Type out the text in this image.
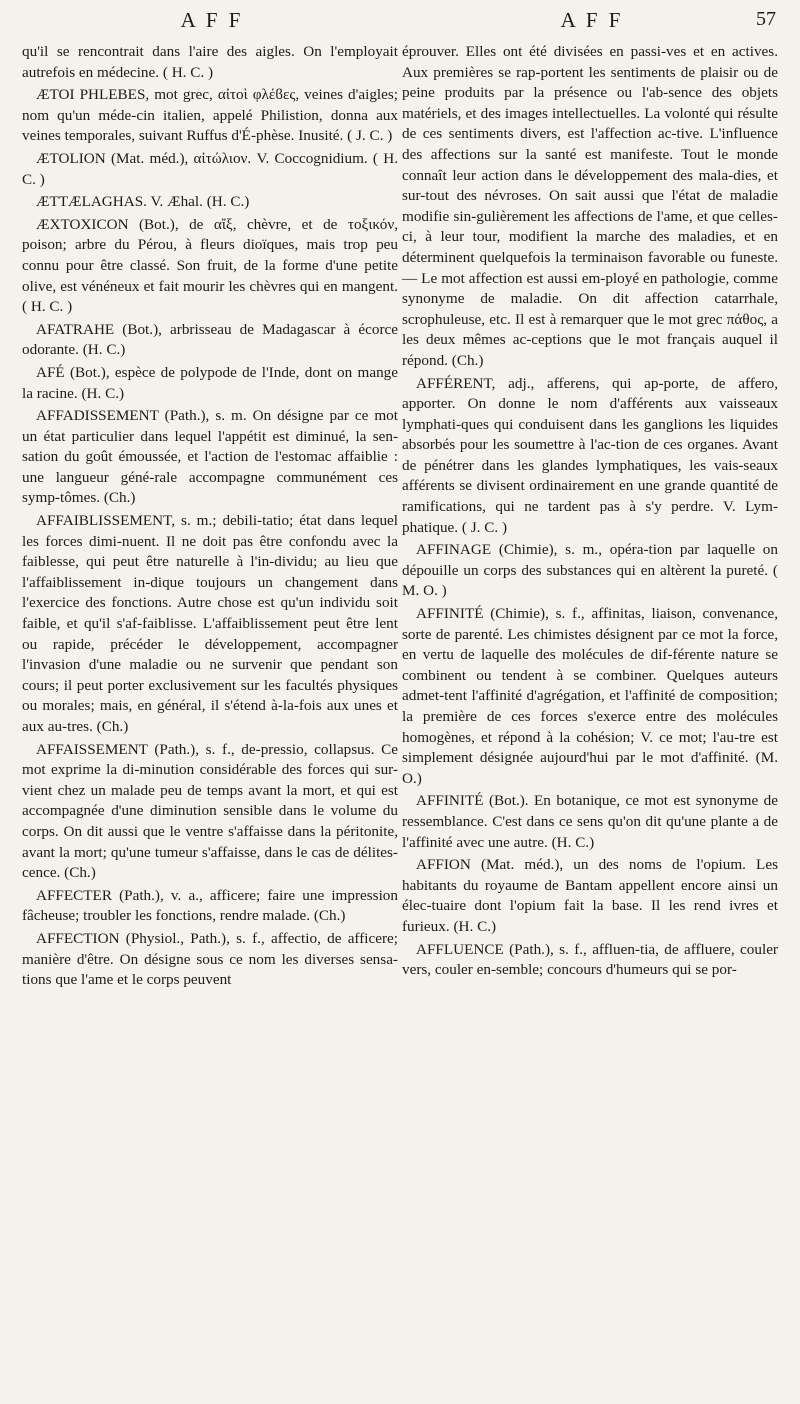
A F F	A F F	57

qu'il se rencontrait dans l'aire des aigles. On l'employait autrefois en médecine. ( H. C. )

ÆTOI PHLEBES, mot grec, αἰτοὶ φλέϐες, veines d'aigles; nom qu'un méde-cin italien, appelé Philistion, donna aux veines temporales, suivant Ruffus d'É-phèse. Inusité. ( J. C. )

ÆTOLION (Mat. méd.), αἰτώλιον. V. Coccognidium. ( H. C. )

ÆTTÆLAGHAS. V. Æhal. (H. C.)

ÆXTOXICON (Bot.), de αἴξ, chèvre, et de τοξικόν, poison; arbre du Pérou, à fleurs dioïques, mais trop peu connu pour être classé. Son fruit, de la forme d'une petite olive, est vénéneux et fait mourir les chèvres qui en mangent. ( H. C. )

AFATRAHE (Bot.), arbrisseau de Madagascar à écorce odorante. (H. C.)

AFÉ (Bot.), espèce de polypode de l'Inde, dont on mange la racine. (H. C.)

AFFADISSEMENT (Path.), s. m. On désigne par ce mot un état particulier dans lequel l'appétit est diminué, la sen-sation du goût émoussée, et l'action de l'estomac affaiblie : une langueur géné-rale accompagne communément ces symp-tômes. (Ch.)

AFFAIBLISSEMENT, s. m.; debili-tatio; état dans lequel les forces dimi-nuent. Il ne doit pas être confondu avec la faiblesse, qui peut être naturelle à l'in-dividu; au lieu que l'affaiblissement in-dique toujours un changement dans l'exercice des fonctions. Autre chose est qu'un individu soit faible, et qu'il s'af-faiblisse. L'affaiblissement peut être lent ou rapide, précéder le développement, accompagner l'invasion d'une maladie ou ne survenir que pendant son cours; il peut porter exclusivement sur les facultés physiques ou morales; mais, en général, il s'étend à-la-fois aux unes et aux au-tres. (Ch.)

AFFAISSEMENT (Path.), s. f., de-pressio, collapsus. Ce mot exprime la di-minution considérable des forces qui sur-vient chez un malade peu de temps avant la mort, et qui est accompagnée d'une diminution sensible dans le volume du corps. On dit aussi que le ventre s'affaisse dans la péritonite, avant la mort; qu'une tumeur s'affaisse, dans le cas de délites-cence. (Ch.)

AFFECTER (Path.), v. a., afficere; faire une impression fâcheuse; troubler les fonctions, rendre malade. (Ch.)

AFFECTION (Physiol., Path.), s. f., affectio, de afficere; manière d'être. On désigne sous ce nom les diverses sensa-tions que l'ame et le corps peuvent

éprouver. Elles ont été divisées en passi-ves et en actives. Aux premières se rap-portent les sentiments de plaisir ou de peine produits par la présence ou l'ab-sence des objets matériels, et des images intellectuelles. La volonté qui résulte de ces sentiments divers, est l'affection ac-tive. L'influence des affections sur la santé est manifeste. Tout le monde connaît leur action dans le développement des mala-dies, et sur-tout des névroses. On sait aussi que l'état de maladie modifie sin-gulièrement les affections de l'ame, et que celles-ci, à leur tour, modifient la marche des maladies, et en déterminent quelquefois la terminaison favorable ou funeste. — Le mot affection est aussi em-ployé en pathologie, comme synonyme de maladie. On dit affection catarrhale, scrophuleuse, etc. Il est à remarquer que le mot grec πάθος, a les deux mêmes ac-ceptions que le mot français auquel il répond. (Ch.)

AFFÉRENT, adj., afferens, qui ap-porte, de affero, apporter. On donne le nom d'afférents aux vaisseaux lymphati-ques qui conduisent dans les ganglions les liquides absorbés pour les soumettre à l'ac-tion de ces organes. Avant de pénétrer dans les glandes lymphatiques, les vais-seaux afférents se divisent ordinairement en une grande quantité de ramifications, qui ne tardent pas à s'y perdre. V. Lym-phatique. ( J. C. )

AFFINAGE (Chimie), s. m., opéra-tion par laquelle on dépouille un corps des substances qui en altèrent la pureté. ( M. O. )

AFFINITÉ (Chimie), s. f., affinitas, liaison, convenance, sorte de parenté. Les chimistes désignent par ce mot la force, en vertu de laquelle des molécules de dif-férente nature se combinent ou tendent à se combiner. Quelques auteurs admet-tent l'affinité d'agrégation, et l'affinité de composition; la première de ces forces s'exerce entre des molécules homogènes, et répond à la cohésion; V. ce mot; l'au-tre est simplement désignée aujourd'hui par le mot d'affinité. (M. O.)

AFFINITÉ (Bot.). En botanique, ce mot est synonyme de ressemblance. C'est dans ce sens qu'on dit qu'une plante a de l'affinité avec une autre. (H. C.)

AFFION (Mat. méd.), un des noms de l'opium. Les habitants du royaume de Bantam appellent encore ainsi un élec-tuaire dont l'opium fait la base. Il les rend ivres et furieux. (H. C.)

AFFLUENCE (Path.), s. f., affluen-tia, de affluere, couler vers, couler en-semble; concours d'humeurs qui se por-
